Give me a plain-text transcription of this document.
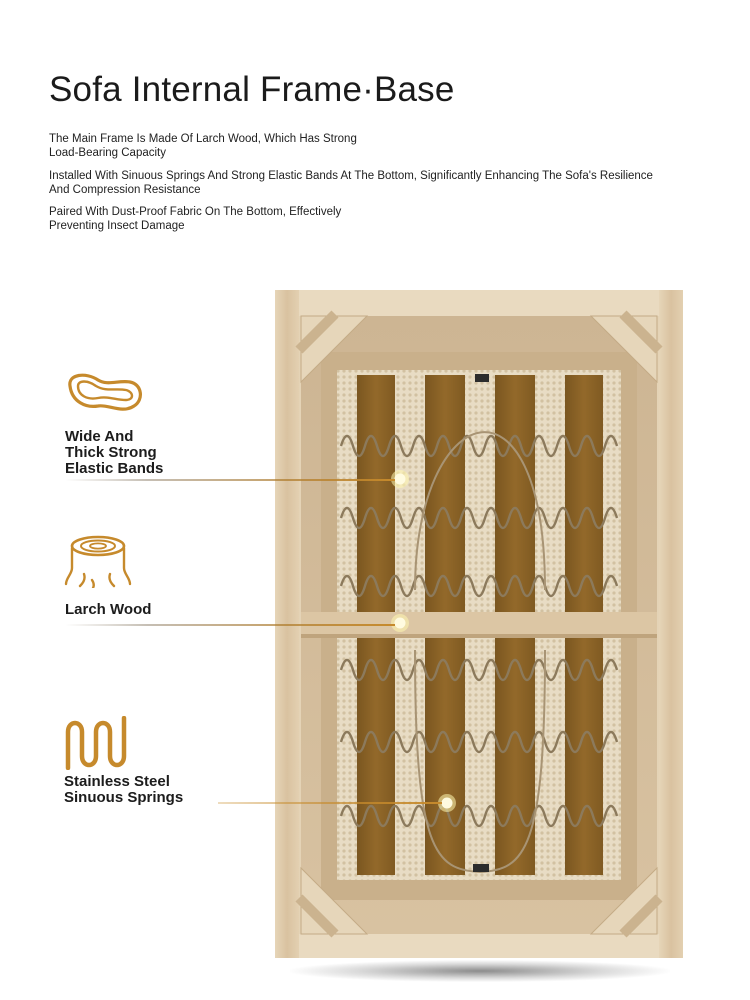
Sofa Internal Frame·Base

The Main Frame Is Made Of Larch Wood, Which Has Strong
Load-Bearing Capacity

Installed With Sinuous Springs And Strong Elastic Bands At The Bottom, Significantly Enhancing The Sofa's Resilience
And Compression Resistance

Paired With Dust-Proof Fabric On The Bottom, Effectively
Preventing Insect Damage

Wide And
Thick Strong
Elastic Bands

Larch Wood

Stainless Steel
Sinuous Springs
